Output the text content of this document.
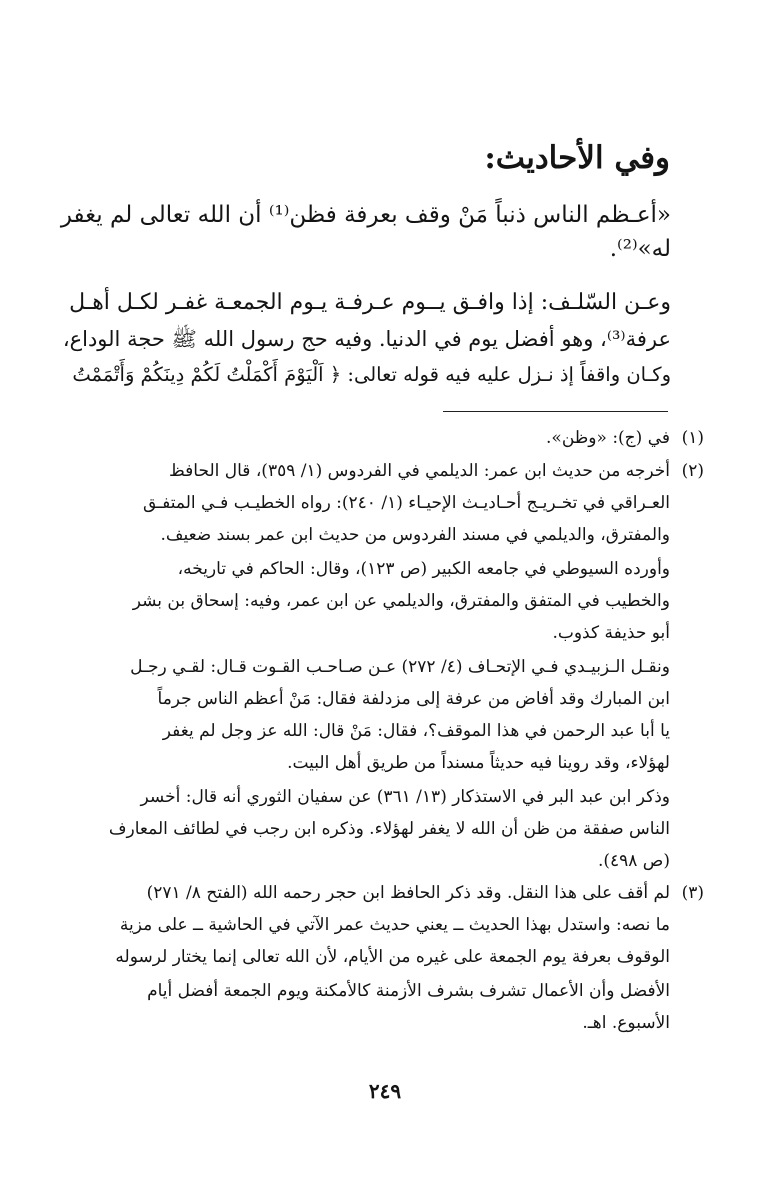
وفي الأحاديث:
«أعـظم الناس ذنباً مَنْ وقف بعرفة فظن⁽¹⁾ أن الله تعالى لم يغفر
له»⁽²⁾.
وعـن السّلـف: إذا وافـق يــوم عـرفـة يـوم الجمعـة غفـر لكـل أهـل
عرفة⁽³⁾، وهو أفضل يوم في الدنيا. وفيه حج رسول الله ﷺ حجة الوداع،
وكـان واقفاً إذ نـزل عليه فيه قوله تعالى: ﴿ اَلْيَوْمَ أَكْمَلْتُ لَكُمْ دِينَكُمْ وَأَتْمَمْتُ
(١)
في (ج): «وظن».
(٢)
أخرجه من حديث ابن عمر: الديلمي في الفردوس (١/ ٣٥٩)، قال الحافظ
العـراقي في تخـريـج أحـاديـث الإحيـاء (١/ ٢٤٠): رواه الخطيـب فـي المتفـق
والمفترق، والديلمي في مسند الفردوس من حديث ابن عمر بسند ضعيف.
وأورده السيوطي في جامعه الكبير (ص ١٢٣)، وقال: الحاكم في تاريخه،
والخطيب في المتفق والمفترق، والديلمي عن ابن عمر، وفيه: إسحاق بن بشر
أبو حذيفة كذوب.
ونقـل الـزبيـدي فـي الإتحـاف (٤/ ٢٧٢) عـن صـاحـب القـوت قـال: لقـي رجـل
ابن المبارك وقد أفاض من عرفة إلى مزدلفة فقال: مَنْ أعظم الناس جرماً
يا أبا عبد الرحمن في هذا الموقف؟، فقال: مَنْ قال: الله عز وجل لم يغفر
لهؤلاء، وقد روينا فيه حديثاً مسنداً من طريق أهل البيت.
وذكر ابن عبد البر في الاستذكار (١٣/ ٣٦١) عن سفيان الثوري أنه قال: أخسر
الناس صفقة من ظن أن الله لا يغفر لهؤلاء. وذكره ابن رجب في لطائف المعارف
(ص ٤٩٨).
(٣)
لم أقف على هذا النقل. وقد ذكر الحافظ ابن حجر رحمه الله (الفتح ٨/ ٢٧١)
ما نصه: واستدل بهذا الحديث ــ يعني حديث عمر الآتي في الحاشية ــ على مزية
الوقوف بعرفة يوم الجمعة على غيره من الأيام، لأن الله تعالى إنما يختار لرسوله
الأفضل وأن الأعمال تشرف بشرف الأزمنة كالأمكنة ويوم الجمعة أفضل أيام
الأسبوع. اهـ.
٢٤٩
